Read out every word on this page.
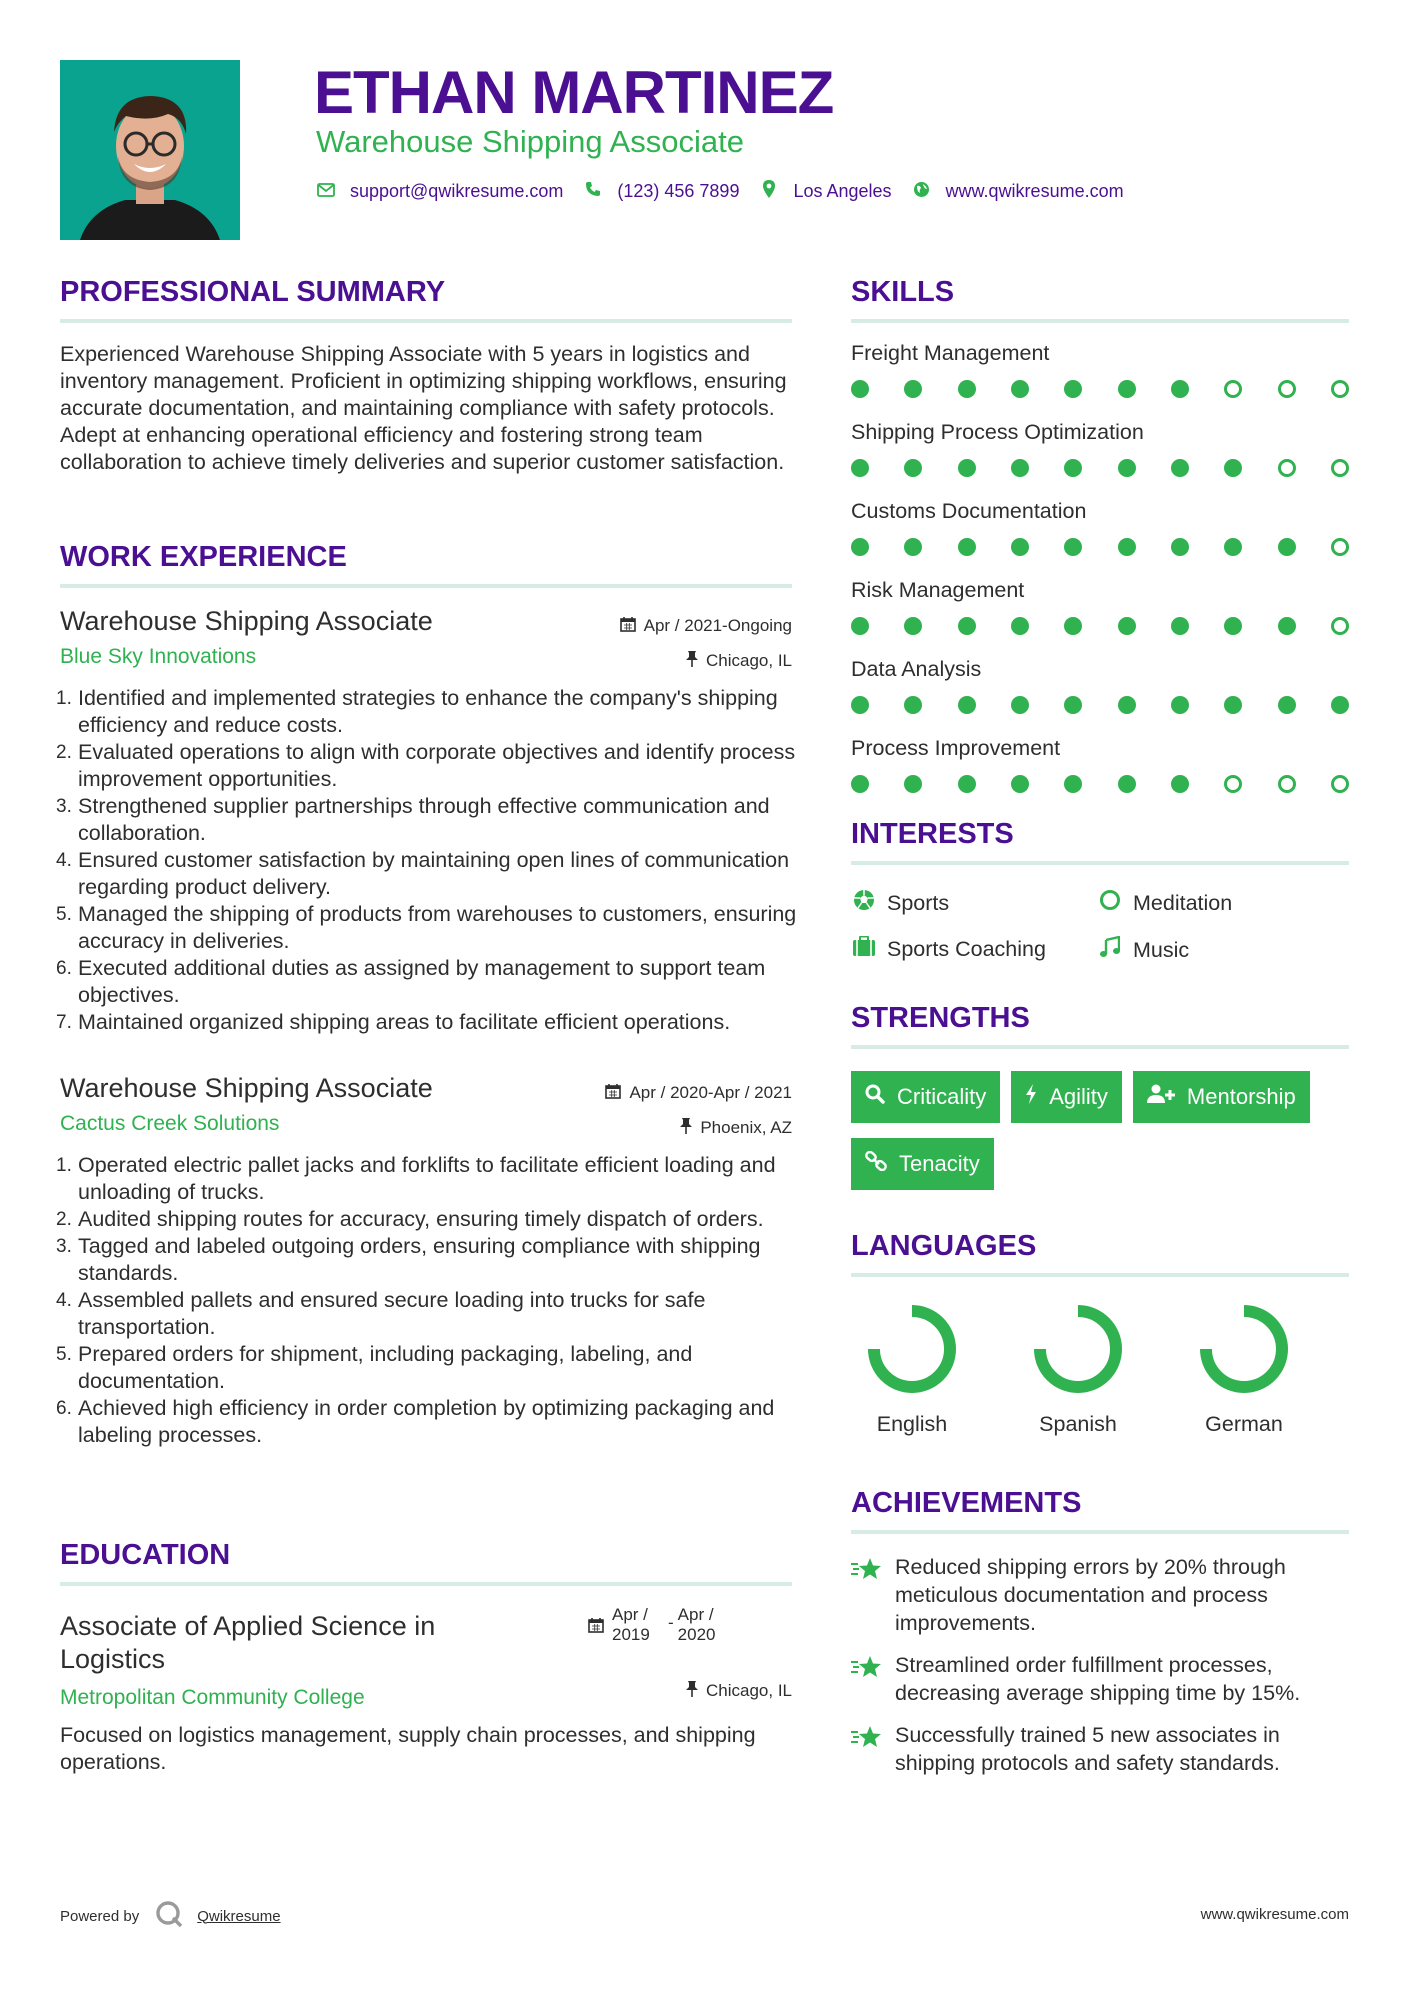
ETHAN MARTINEZ
Warehouse Shipping Associate
support@qwikresume.com	(123) 456 7899	Los Angeles	www.qwikresume.com
PROFESSIONAL SUMMARY
Experienced Warehouse Shipping Associate with 5 years in logistics and inventory management. Proficient in optimizing shipping workflows, ensuring accurate documentation, and maintaining compliance with safety protocols. Adept at enhancing operational efficiency and fostering strong team collaboration to achieve timely deliveries and superior customer satisfaction.
WORK EXPERIENCE
Warehouse Shipping Associate	Apr / 2021-Ongoing
Blue Sky Innovations	Chicago, IL
1. Identified and implemented strategies to enhance the company's shipping efficiency and reduce costs.
2. Evaluated operations to align with corporate objectives and identify process improvement opportunities.
3. Strengthened supplier partnerships through effective communication and collaboration.
4. Ensured customer satisfaction by maintaining open lines of communication regarding product delivery.
5. Managed the shipping of products from warehouses to customers, ensuring accuracy in deliveries.
6. Executed additional duties as assigned by management to support team objectives.
7. Maintained organized shipping areas to facilitate efficient operations.
Warehouse Shipping Associate	Apr / 2020-Apr / 2021
Cactus Creek Solutions	Phoenix, AZ
1. Operated electric pallet jacks and forklifts to facilitate efficient loading and unloading of trucks.
2. Audited shipping routes for accuracy, ensuring timely dispatch of orders.
3. Tagged and labeled outgoing orders, ensuring compliance with shipping standards.
4. Assembled pallets and ensured secure loading into trucks for safe transportation.
5. Prepared orders for shipment, including packaging, labeling, and documentation.
6. Achieved high efficiency in order completion by optimizing packaging and labeling processes.
EDUCATION
Associate of Applied Science in Logistics
Apr / 2019
- Apr / 2020
Metropolitan Community College	Chicago, IL
Focused on logistics management, supply chain processes, and shipping operations.
SKILLS
Freight Management
Shipping Process Optimization
Customs Documentation
Risk Management
Data Analysis
Process Improvement
INTERESTS
Sports	Meditation
Sports Coaching	Music
STRENGTHS
Criticality	Agility	Mentorship
Tenacity
LANGUAGES
English	Spanish	German
ACHIEVEMENTS
Reduced shipping errors by 20% through meticulous documentation and process improvements.
Streamlined order fulfillment processes, decreasing average shipping time by 15%.
Successfully trained 5 new associates in shipping protocols and safety standards.
Powered by	Qwikresume	www.qwikresume.com
